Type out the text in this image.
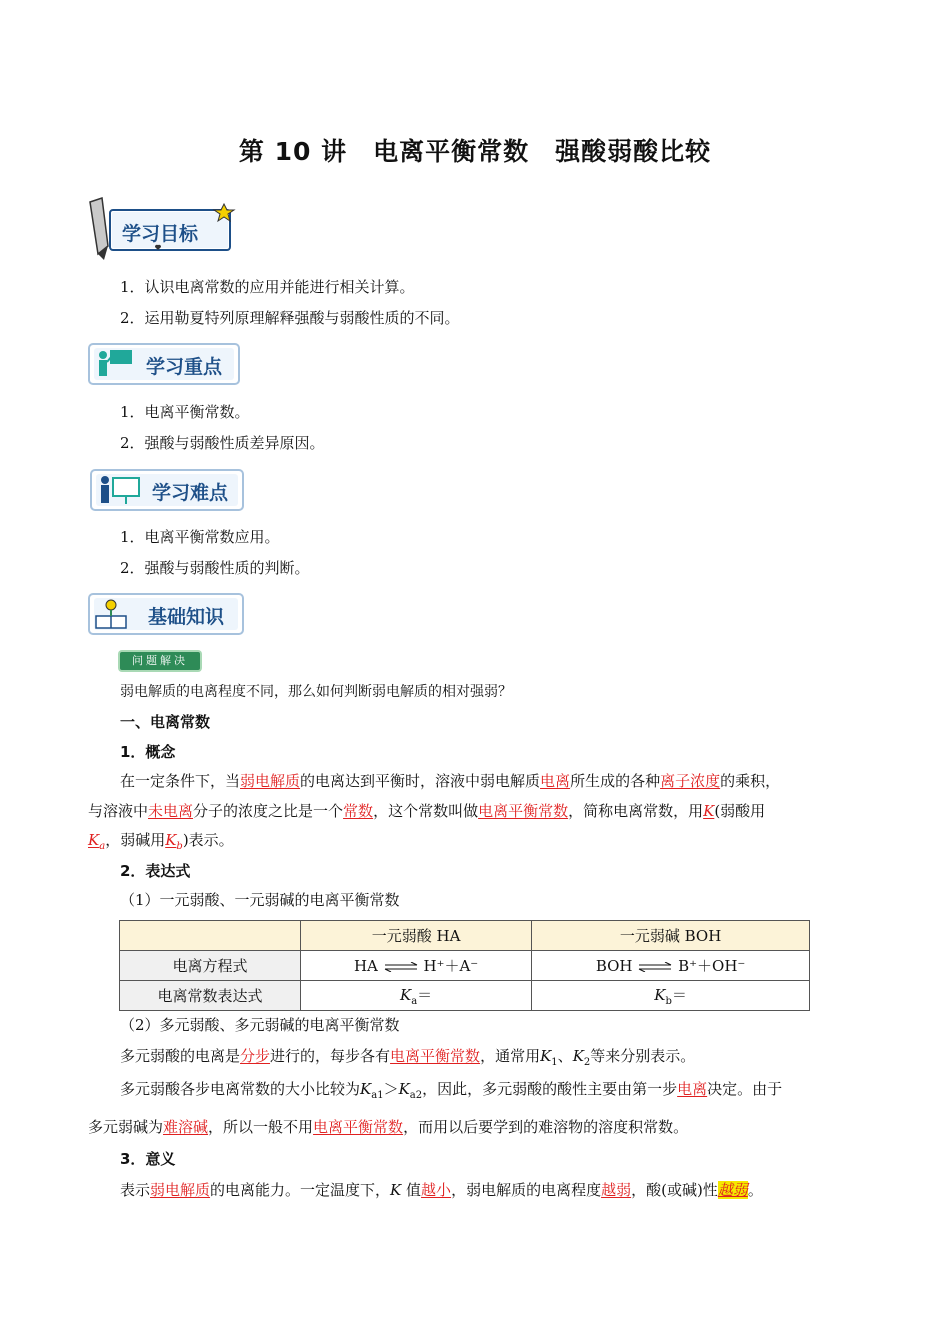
第 10 讲　电离平衡常数　强酸弱酸比较
学习目标
1．认识电离常数的应用并能进行相关计算。
2．运用勒夏特列原理解释强酸与弱酸性质的不同。
学习重点
1．电离平衡常数。
2．强酸与弱酸性质差异原因。
学习难点
1．电离平衡常数应用。
2．强酸与弱酸性质的判断。
基础知识
问题解决
弱电解质的电离程度不同，那么如何判断弱电解质的相对强弱？
一、电离常数
1．概念
在一定条件下，当弱电解质的电离达到平衡时，溶液中弱电解质电离所生成的各种离子浓度的乘积，
与溶液中未电离分子的浓度之比是一个常数，这个常数叫做电离平衡常数，简称电离常数，用K(弱酸用
$K_a$，弱碱用$K_b$)表示。
2．表达式
（1）一元弱酸、一元弱碱的电离平衡常数
	一元弱酸 HA	一元弱碱 BOH
电离方程式	HA ⇌ H⁺＋A⁻	BOH ⇌ B⁺＋OH⁻
电离常数表达式	$K_a=$	$K_b=$
（2）多元弱酸、多元弱碱的电离平衡常数
多元弱酸的电离是分步进行的，每步各有电离平衡常数，通常用$K_1$、$K_2$等来分别表示。
多元弱酸各步电离常数的大小比较为$K_{a1}>K_{a2}$，因此，多元弱酸的酸性主要由第一步电离决定。由于
多元弱碱为难溶碱，所以一般不用电离平衡常数，而用以后要学到的难溶物的溶度积常数。
3．意义
表示弱电解质的电离能力。一定温度下，K 值越小，弱电解质的电离程度越弱，酸(或碱)性越弱。
